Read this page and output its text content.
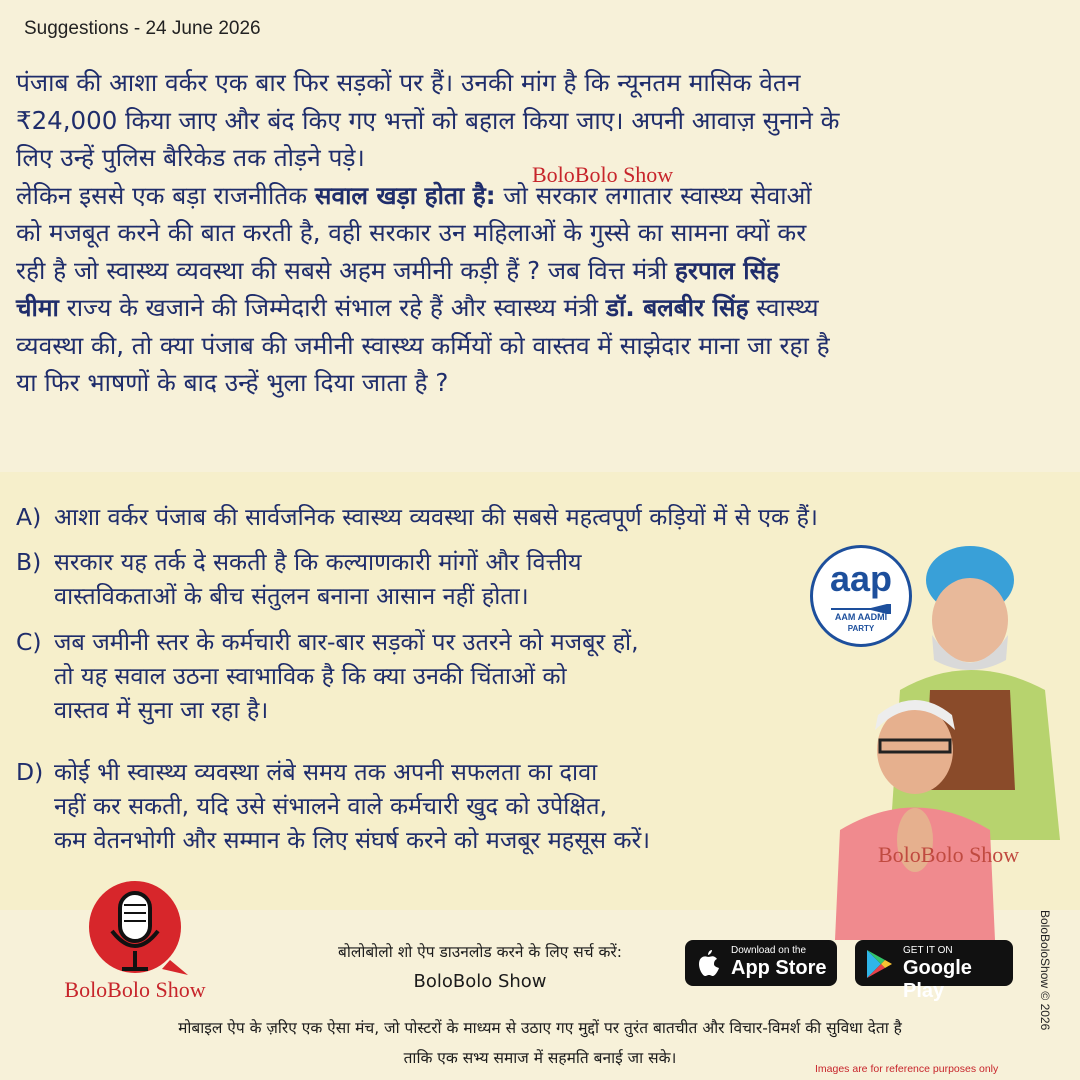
Suggestions - 24 June 2026
पंजाब की आशा वर्कर एक बार फिर सड़कों पर हैं। उनकी मांग है कि न्यूनतम मासिक वेतन
₹24,000 किया जाए और बंद किए गए भत्तों को बहाल किया जाए। अपनी आवाज़ सुनाने के
लिए उन्हें पुलिस बैरिकेड तक तोड़ने पड़े।
लेकिन इससे एक बड़ा राजनीतिक सवाल खड़ा होता है: जो सरकार लगातार स्वास्थ्य सेवाओं
को मजबूत करने की बात करती है, वही सरकार उन महिलाओं के गुस्से का सामना क्यों कर
रही है जो स्वास्थ्य व्यवस्था की सबसे अहम जमीनी कड़ी हैं ? जब वित्त मंत्री हरपाल सिंह
चीमा राज्य के खजाने की जिम्मेदारी संभाल रहे हैं और स्वास्थ्य मंत्री डॉ. बलबीर सिंह स्वास्थ्य
व्यवस्था की, तो क्या पंजाब की जमीनी स्वास्थ्य कर्मियों को वास्तव में साझेदार माना जा रहा है
या फिर भाषणों के बाद उन्हें भुला दिया जाता है ?
BoloBolo Show
A) आशा वर्कर पंजाब की सार्वजनिक स्वास्थ्य व्यवस्था की सबसे महत्वपूर्ण कड़ियों में से एक हैं।
B) सरकार यह तर्क दे सकती है कि कल्याणकारी मांगों और वित्तीय
वास्तविकताओं के बीच संतुलन बनाना आसान नहीं होता।
C) जब जमीनी स्तर के कर्मचारी बार-बार सड़कों पर उतरने को मजबूर हों,
तो यह सवाल उठना स्वाभाविक है कि क्या उनकी चिंताओं को
वास्तव में सुना जा रहा है।
D) कोई भी स्वास्थ्य व्यवस्था लंबे समय तक अपनी सफलता का दावा
नहीं कर सकती, यदि उसे संभालने वाले कर्मचारी खुद को उपेक्षित,
कम वेतनभोगी और सम्मान के लिए संघर्ष करने को मजबूर महसूस करें।
aap
AAM AADMI
PARTY
BoloBolo Show
BoloBolo Show
बोलोबोलो शो ऐप डाउनलोड करने के लिए सर्च करें:
BoloBolo Show
Download on the
App Store
GET IT ON
Google Play
मोबाइल ऐप के ज़रिए एक ऐसा मंच, जो पोस्टरों के माध्यम से उठाए गए मुद्दों पर तुरंत बातचीत और विचार-विमर्श की सुविधा देता है
ताकि एक सभ्य समाज में सहमति बनाई जा सके।
BoloBoloShow © 2026
Images are for reference purposes only
